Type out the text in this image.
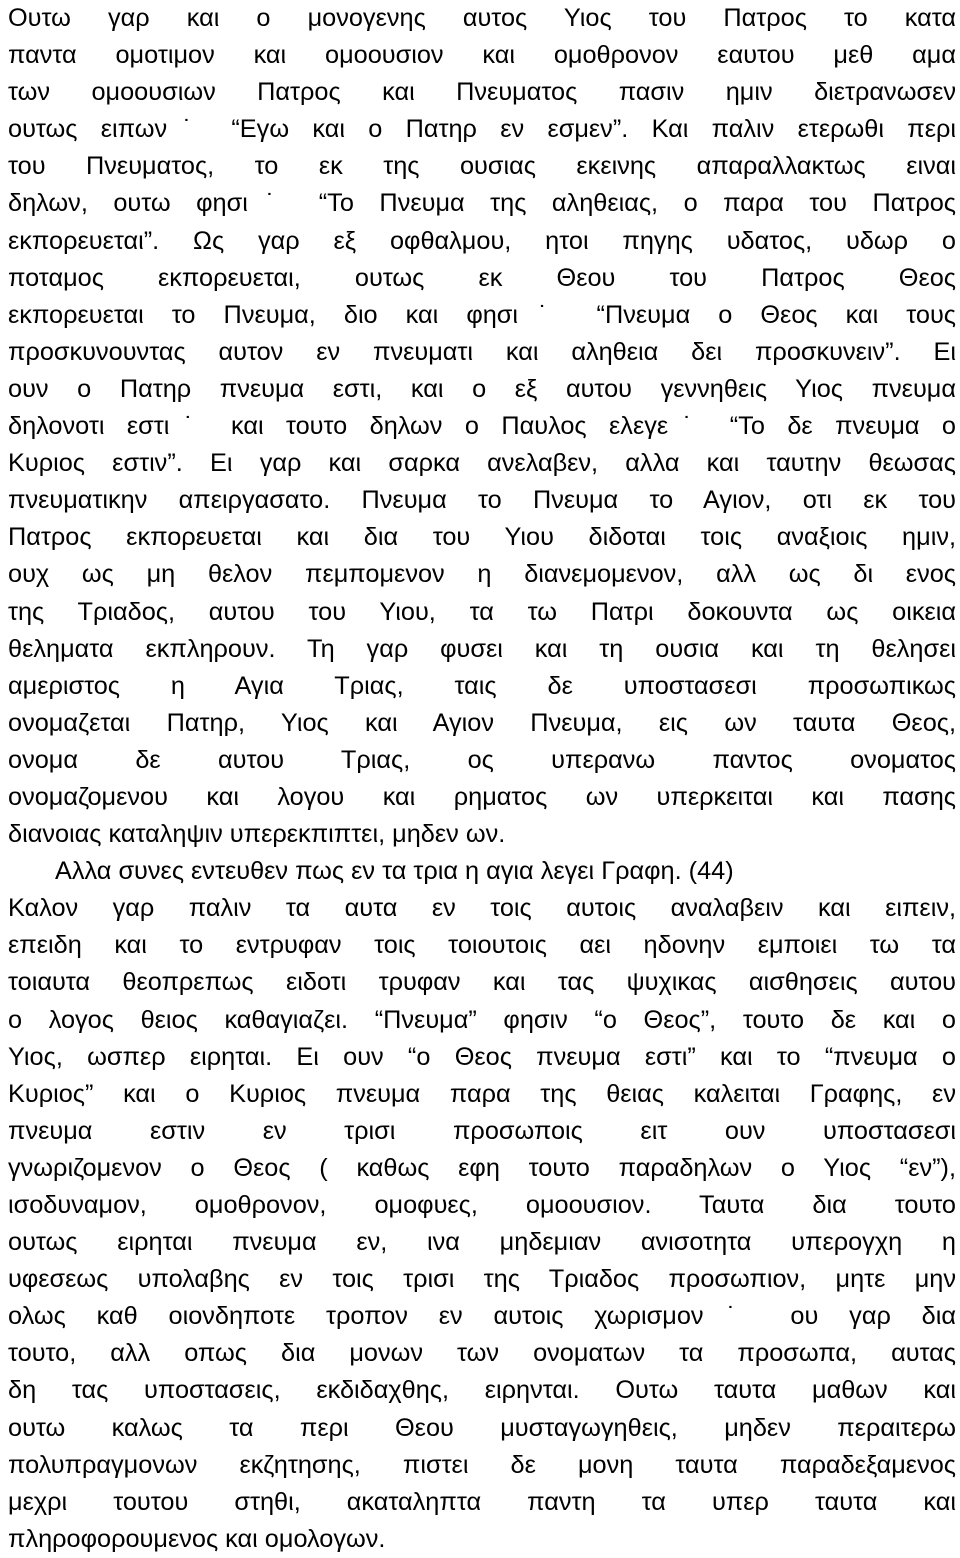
Ουτω γαρ και ο μονογενης αυτος Υιος του Πατρος το κατα
παντα ομοτιμον και ομοουσιον και ομοθρονον εαυτου μεθ αμα
των ομοουσιων Πατρος και Πνευματος πασιν ημιν διετρανωσεν
ουτως ειπων˙ “Εγω και ο Πατηρ εν εσμεν”. Και παλιν ετερωθι περι
του Πνευματος, το εκ της ουσιας εκεινης απαραλλακτως ειναι
δηλων, ουτω φησι˙ “Το Πνευμα της αληθειας, ο παρα του Πατρος
εκπορευεται”. Ως γαρ εξ οφθαλμου, ητοι πηγης υδατος, υδωρ ο
ποταμος εκπορευεται, ουτως εκ Θεου του Πατρος Θεος
εκπορευεται το Πνευμα, διο και φησι˙ “Πνευμα ο Θεος και τους
προσκυνουντας αυτον εν πνευματι και αληθεια δει προσκυνειν”. Ει
ουν ο Πατηρ πνευμα εστι, και ο εξ αυτου γεννηθεις Υιος πνευμα
δηλονοτι εστι˙ και τουτο δηλων ο Παυλος ελεγε˙ “Το δε πνευμα ο
Κυριος εστιν”. Ει γαρ και σαρκα ανελαβεν, αλλα και ταυτην θεωσας
πνευματικην απειργασατο. Πνευμα το Πνευμα το Αγιον, οτι εκ του
Πατρος εκπορευεται και δια του Υιου διδοται τοις αναξιοις ημιν,
ουχ ως μη θελον πεμπομενον η διανεμομενον, αλλ ως δι ενος
της Τριαδος, αυτου του Υιου, τα τω Πατρι δοκουντα ως οικεια
θεληματα εκπληρουν. Τη γαρ φυσει και τη ουσια και τη θελησει
αμεριστος η Αγια Τριας, ταις δε υποστασεσι προσωπικως
ονομαζεται Πατηρ, Υιος και Αγιον Πνευμα, εις ων ταυτα Θεος,
ονομα δε αυτου Τριας, ος υπερανω παντος ονοματος
ονομαζομενου και λογου και ρηματος ων υπερκειται και πασης
διανοιας καταληψιν υπερεκπιπτει, μηδεν ων.
Αλλα συνες εντευθεν πως εν τα τρια η αγια λεγει Γραφη. (44)
Καλον γαρ παλιν τα αυτα εν τοις αυτοις αναλαβειν και ειπειν,
επειδη και το εντρυφαν τοις τοιουτοις αει ηδονην εμποιει τω τα
τοιαυτα θεοπρεπως ειδοτι τρυφαν και τας ψυχικας αισθησεις αυτου
ο λογος θειος καθαγιαζει. “Πνευμα” φησιν “ο Θεος”, τουτο δε και ο
Υιος, ωσπερ ειρηται. Ει ουν “ο Θεος πνευμα εστι” και το “πνευμα ο
Κυριος” και ο Κυριος πνευμα παρα της θειας καλειται Γραφης, εν
πνευμα εστιν εν τρισι προσωποις ειτ ουν υποστασεσι
γνωριζομενον ο Θεος ( καθως εφη τουτο παραδηλων ο Υιος “εν”),
ισοδυναμον, ομοθρονον, ομοφυες, ομοουσιον. Ταυτα δια τουτο
ουτως ειρηται πνευμα εν, ινα μηδεμιαν ανισοτητα υπερογχη η
υφεσεως υπολαβης εν τοις τρισι της Τριαδος προσωπιον, μητε μην
ολως καθ οιονδηποτε τροπον εν αυτοις χωρισμον˙ ου γαρ δια
τουτο, αλλ οπως δια μονων των ονοματων τα προσωπα, αυτας
δη τας υποστασεις, εκδιδαχθης, ειρηνται. Ουτω ταυτα μαθων και
ουτω καλως τα περι Θεου μυσταγωγηθεις, μηδεν περαιτερω
πολυπραγμονων εκζητησης, πιστει δε μονη ταυτα παραδεξαμενος
μεχρι τουτου στηθι, ακαταληπτα παντη τα υπερ ταυτα και
πληροφορουμενος και ομολογων.
